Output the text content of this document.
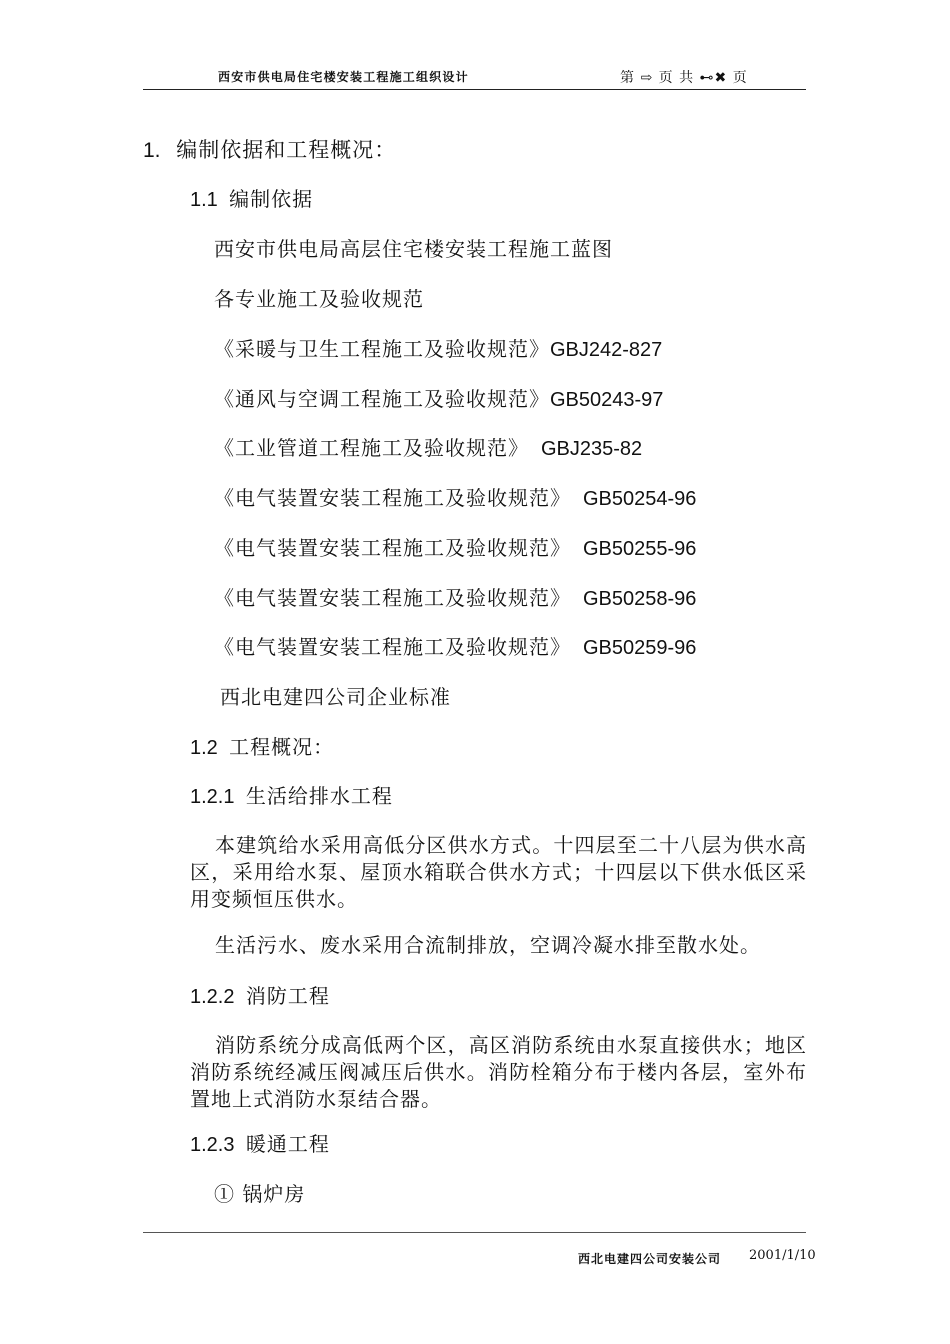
西安市供电局住宅楼安装工程施工组织设计	第 ⇨ 页 共 ⊷✖ 页
1. 编制依据和工程概况：
1.1 编制依据
西安市供电局高层住宅楼安装工程施工蓝图
各专业施工及验收规范
《采暖与卫生工程施工及验收规范》GBJ242-827
《通风与空调工程施工及验收规范》GB50243-97
《工业管道工程施工及验收规范》 GBJ235-82
《电气装置安装工程施工及验收规范》 GB50254-96
《电气装置安装工程施工及验收规范》 GB50255-96
《电气装置安装工程施工及验收规范》 GB50258-96
《电气装置安装工程施工及验收规范》 GB50259-96
西北电建四公司企业标准
1.2 工程概况：
1.2.1 生活给排水工程
本建筑给水采用高低分区供水方式。十四层至二十八层为供水高区，采用给水泵、屋顶水箱联合供水方式；十四层以下供水低区采用变频恒压供水。
生活污水、废水采用合流制排放，空调冷凝水排至散水处。
1.2.2 消防工程
消防系统分成高低两个区，高区消防系统由水泵直接供水；地区消防系统经减压阀减压后供水。消防栓箱分布于楼内各层，室外布置地上式消防水泵结合器。
1.2.3 暖通工程
① 锅炉房
西北电建四公司安装公司 2001/1/10
